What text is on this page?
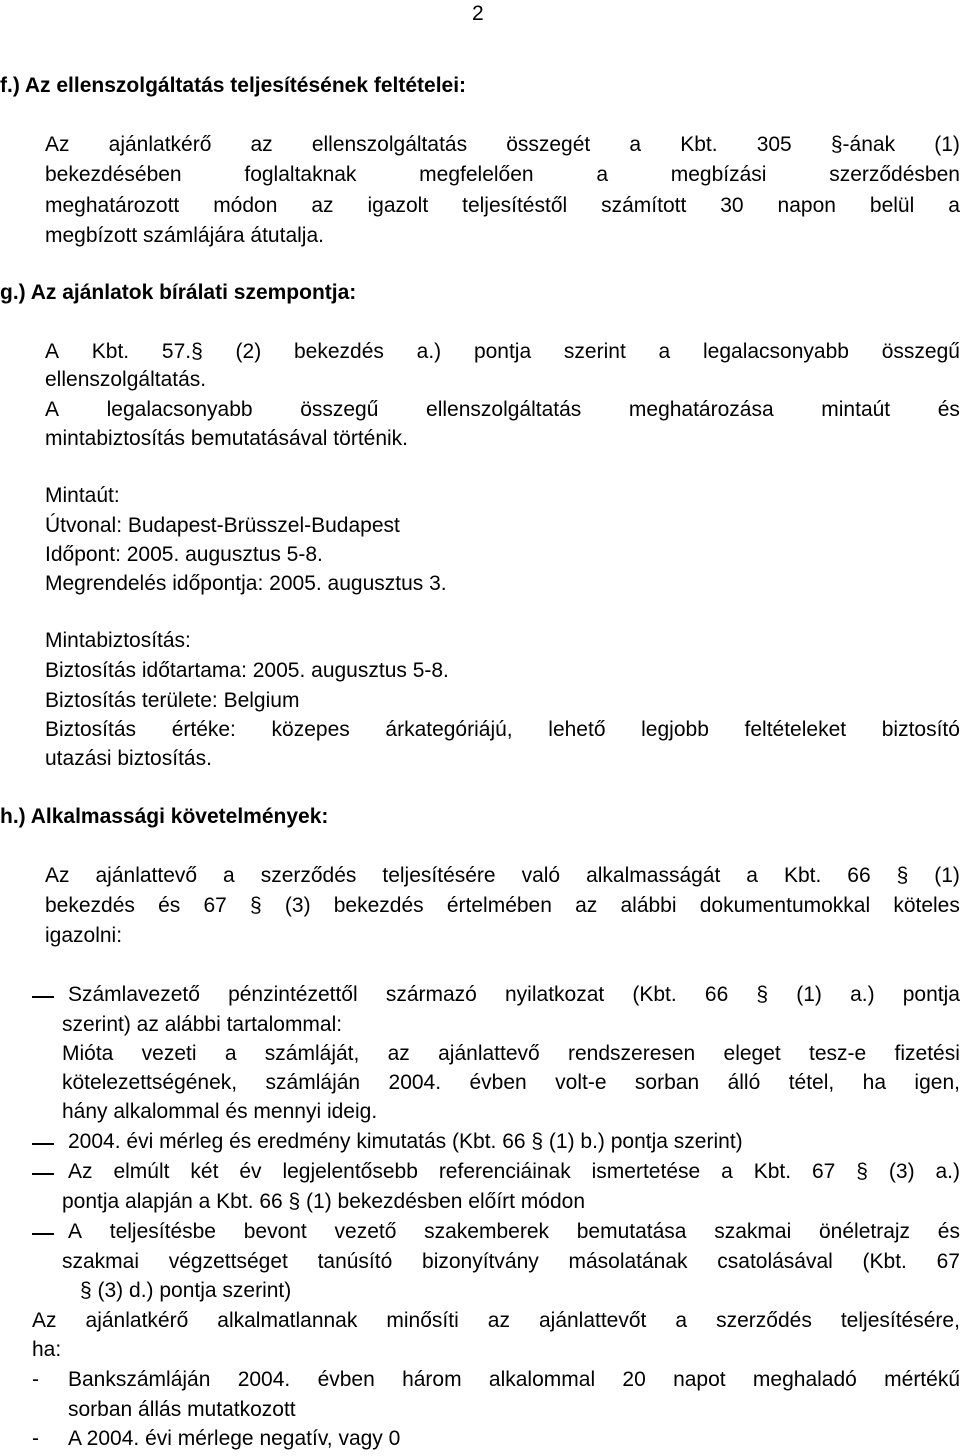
2
f.) Az ellenszolgáltatás teljesítésének feltételei:
Az ajánlatkérő az ellenszolgáltatás összegét a Kbt. 305 §-ának (1)
bekezdésében	foglaltaknak	megfelelően	a	megbízási	szerződésben
meghatározott módon az igazolt teljesítéstől számított 30 napon belül a
megbízott számlájára átutalja.
g.) Az ajánlatok bírálati szempontja:
A Kbt. 57.§ (2) bekezdés a.) pontja szerint a legalacsonyabb összegű
ellenszolgáltatás.
A legalacsonyabb összegű ellenszolgáltatás meghatározása mintaút és
mintabiztosítás bemutatásával történik.
Mintaút:
Útvonal: Budapest-Brüsszel-Budapest
Időpont: 2005. augusztus 5-8.
Megrendelés időpontja: 2005. augusztus 3.
Mintabiztosítás:
Biztosítás időtartama: 2005. augusztus 5-8.
Biztosítás területe: Belgium
Biztosítás értéke: közepes árkategóriájú, lehető legjobb feltételeket biztosító
utazási biztosítás.
h.) Alkalmassági követelmények:
Az ajánlattevő a szerződés teljesítésére való alkalmasságát a Kbt. 66 § (1)
bekezdés és 67 § (3) bekezdés értelmében az alábbi dokumentumokkal köteles
igazolni:
Számlavezető pénzintézettől származó nyilatkozat (Kbt. 66 § (1) a.) pontja
szerint) az alábbi tartalommal:
Mióta vezeti a számláját, az ajánlattevő rendszeresen eleget tesz-e fizetési
kötelezettségének, számláján 2004. évben volt-e sorban álló tétel, ha igen,
hány alkalommal és mennyi ideig.
2004. évi mérleg és eredmény kimutatás (Kbt. 66 § (1) b.) pontja szerint)
Az elmúlt két év legjelentősebb referenciáinak ismertetése a Kbt. 67 § (3) a.)
pontja alapján a Kbt. 66 § (1) bekezdésben előírt módon
A teljesítésbe bevont vezető szakemberek bemutatása szakmai önéletrajz és
szakmai végzettséget tanúsító bizonyítvány másolatának csatolásával (Kbt. 67
§ (3) d.) pontja szerint)
Az ajánlatkérő alkalmatlannak minősíti az ajánlattevőt a szerződés teljesítésére,
ha:
- Bankszámláján 2004. évben három alkalommal 20 napot meghaladó mértékű
sorban állás mutatkozott
- A 2004. évi mérlege negatív, vagy 0
